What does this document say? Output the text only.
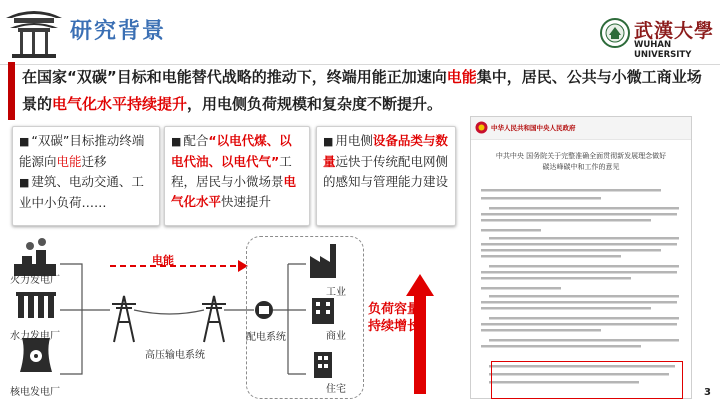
研究背景	武漢大學
WUHAN UNIVERSITY
在国家“双碳”目标和电能替代战略的推动下，终端用能正加速向电能集中，居民、公共与小微工商业场景的电气化水平持续提升，用电侧负荷规模和复杂度不断提升。

■ “双碳”目标推动终端能源向电能迁移

■ 建筑、电动交通、工业中小负荷……

■ 配合“以电代煤、以电代油、以电代气”工程，居民与小微场景电气化水平快速提升

■ 用电侧设备品类与数量远快于传统配电网侧的感知与管理能力建设

火力发电厂
水力发电厂
核电发电厂
电能
高压输电系统
配电系统
工业
商业
住宅
负荷容量
持续增长
中华人民共和国中央人民政府
中共中央 国务院关于完整准确全面贯彻新发展理念做好
碳达峰碳中和工作的意见
3
